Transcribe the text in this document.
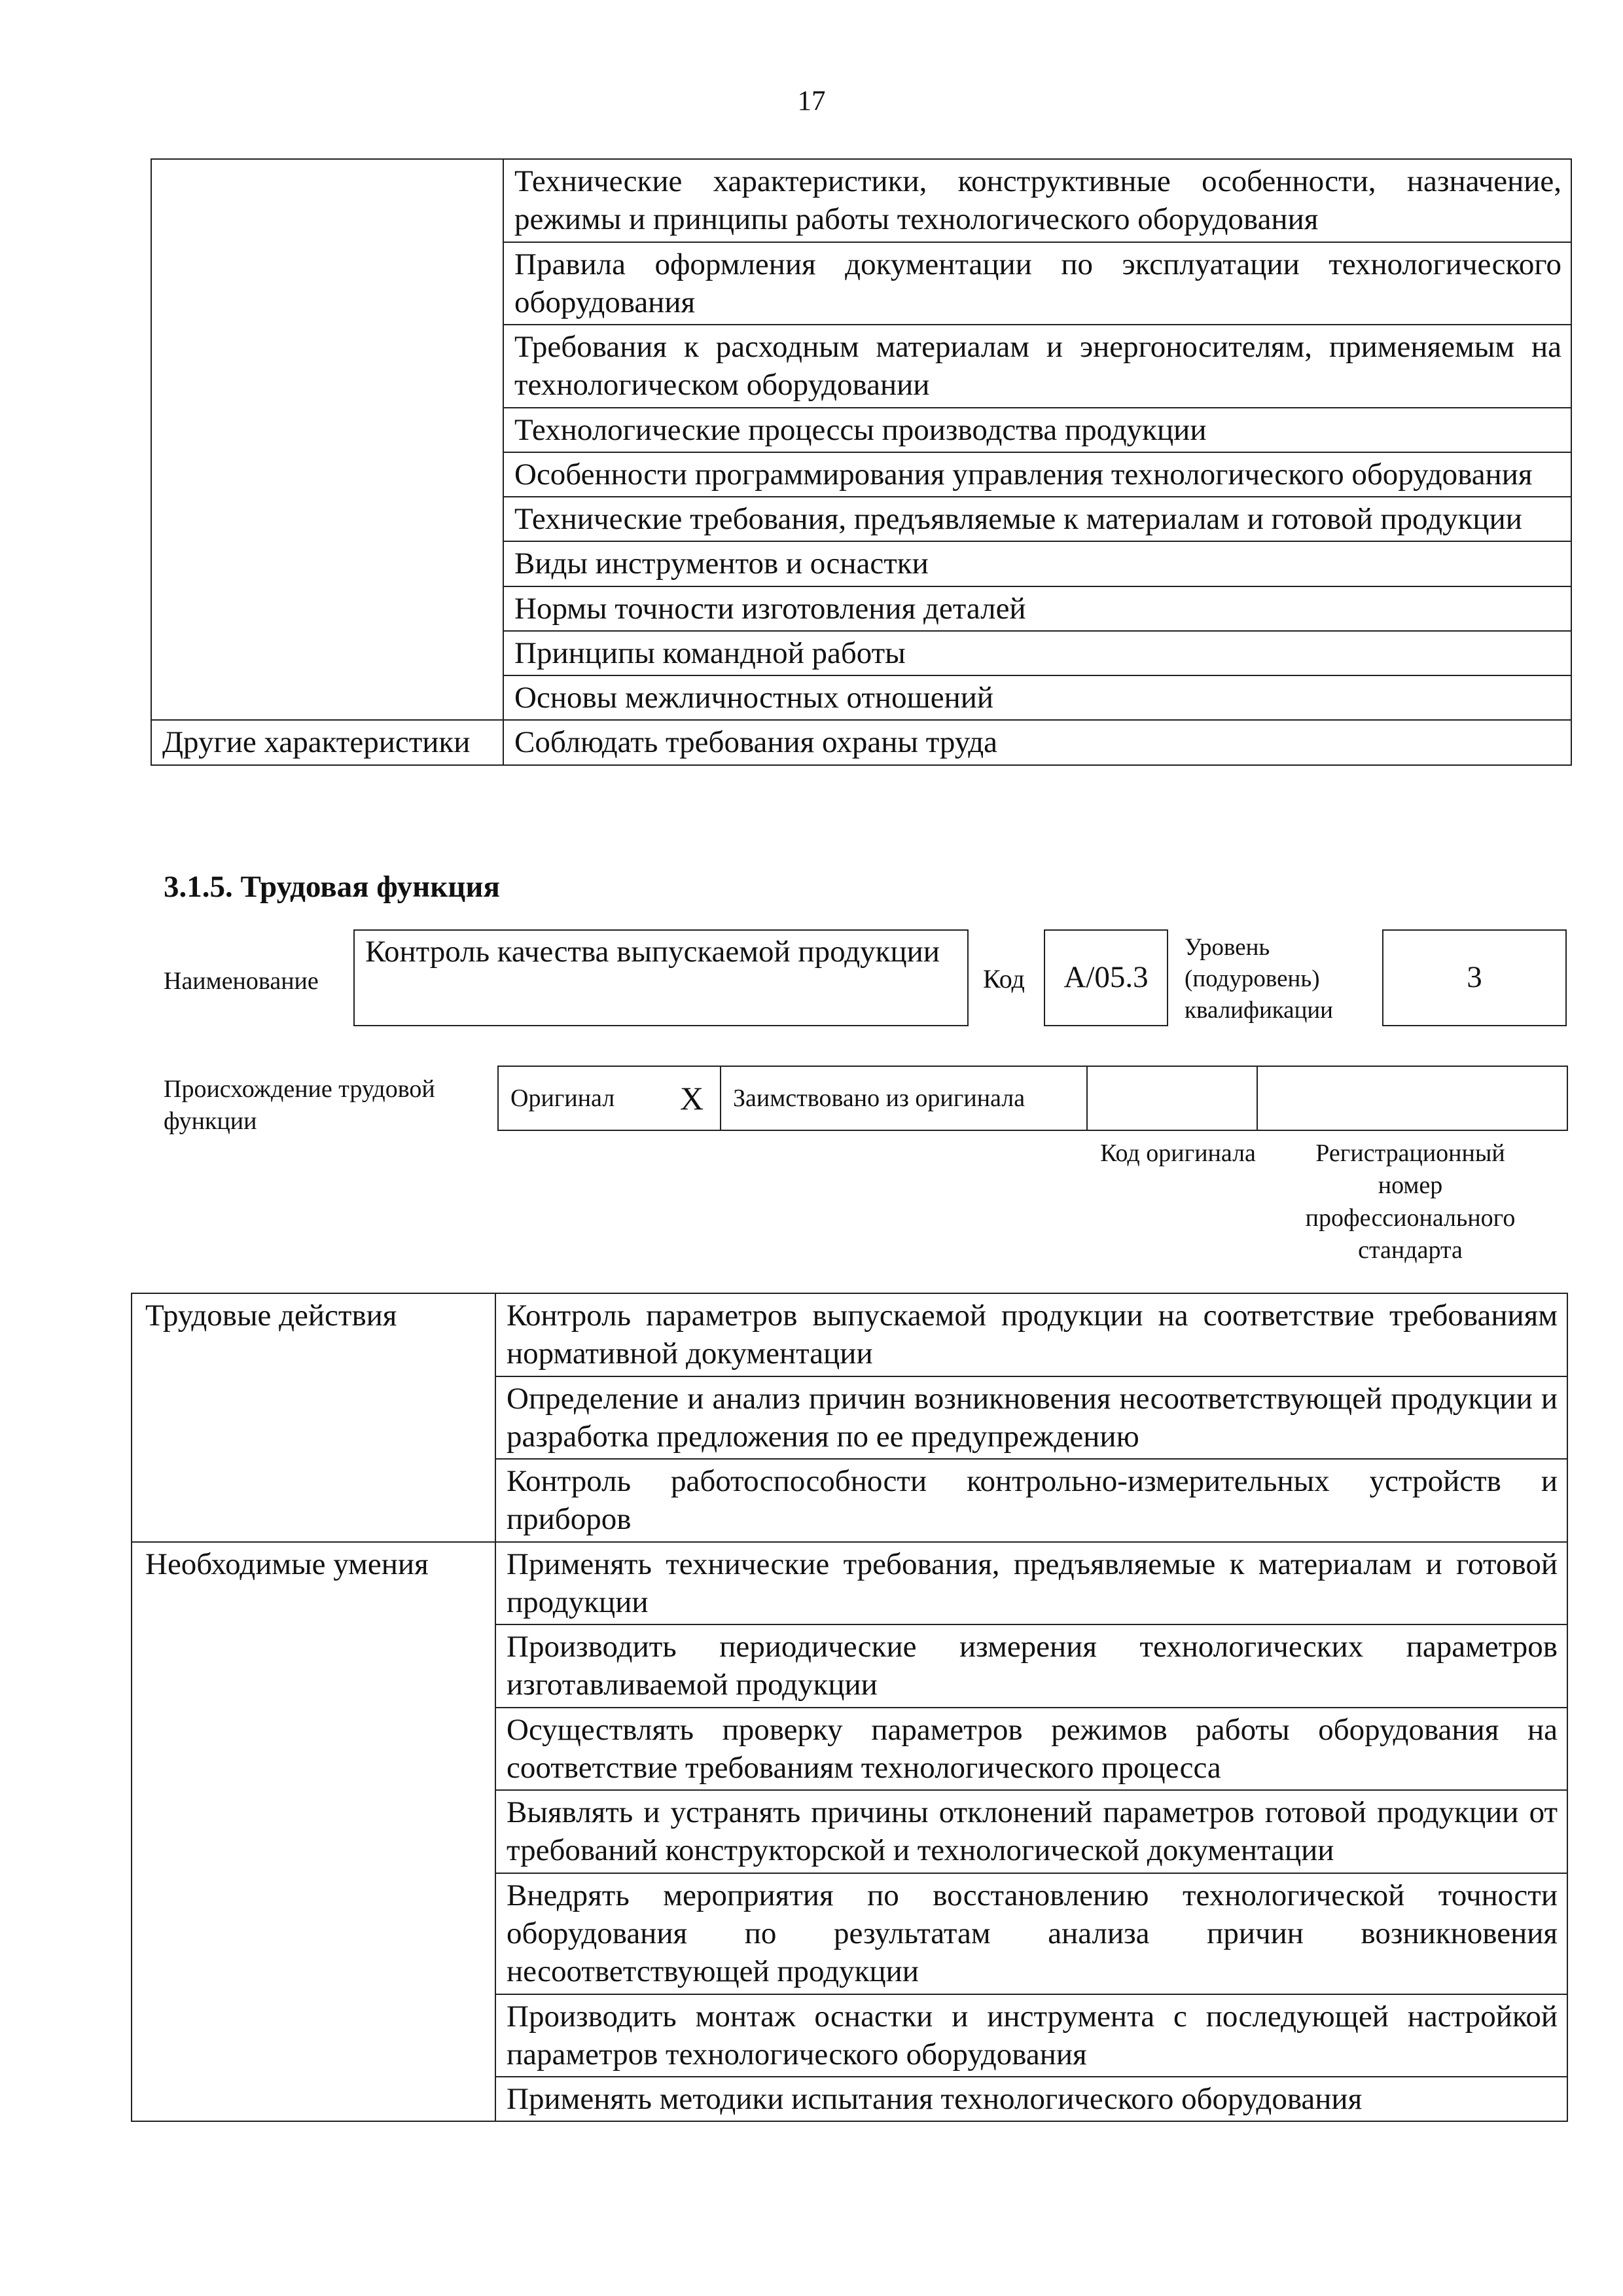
17
	Технические характеристики, конструктивные особенности, назначение, режимы и принципы работы технологического оборудования
	Правила оформления документации по эксплуатации технологического оборудования
	Требования к расходным материалам и энергоносителям, применяемым на технологическом оборудовании
	Технологические процессы производства продукции
	Особенности программирования управления технологического оборудования
	Технические требования, предъявляемые к материалам и готовой продукции
	Виды инструментов и оснастки
	Нормы точности изготовления деталей
	Принципы командной работы
	Основы межличностных отношений
Другие характеристики	Соблюдать требования охраны труда
3.1.5. Трудовая функция
Наименование
Контроль качества выпускаемой продукции
Код A/05.3
Уровень (подуровень) квалификации
3
Происхождение трудовой функции
Оригинал	X	Заимствовано из оригинала		
Код оригинала	Регистрационный номер профессионального стандарта
Трудовые действия	Контроль параметров выпускаемой продукции на соответствие требованиям нормативной документации
	Определение и анализ причин возникновения несоответствующей продукции и разработка предложения по ее предупреждению
	Контроль работоспособности контрольно-измерительных устройств и приборов
Необходимые умения	Применять технические требования, предъявляемые к материалам и готовой продукции
	Производить периодические измерения технологических параметров изготавливаемой продукции
	Осуществлять проверку параметров режимов работы оборудования на соответствие требованиям технологического процесса
	Выявлять и устранять причины отклонений параметров готовой продукции от требований конструкторской и технологической документации
	Внедрять мероприятия по восстановлению технологической точности оборудования по результатам анализа причин возникновения несоответствующей продукции
	Производить монтаж оснастки и инструмента с последующей настройкой параметров технологического оборудования
	Применять методики испытания технологического оборудования
